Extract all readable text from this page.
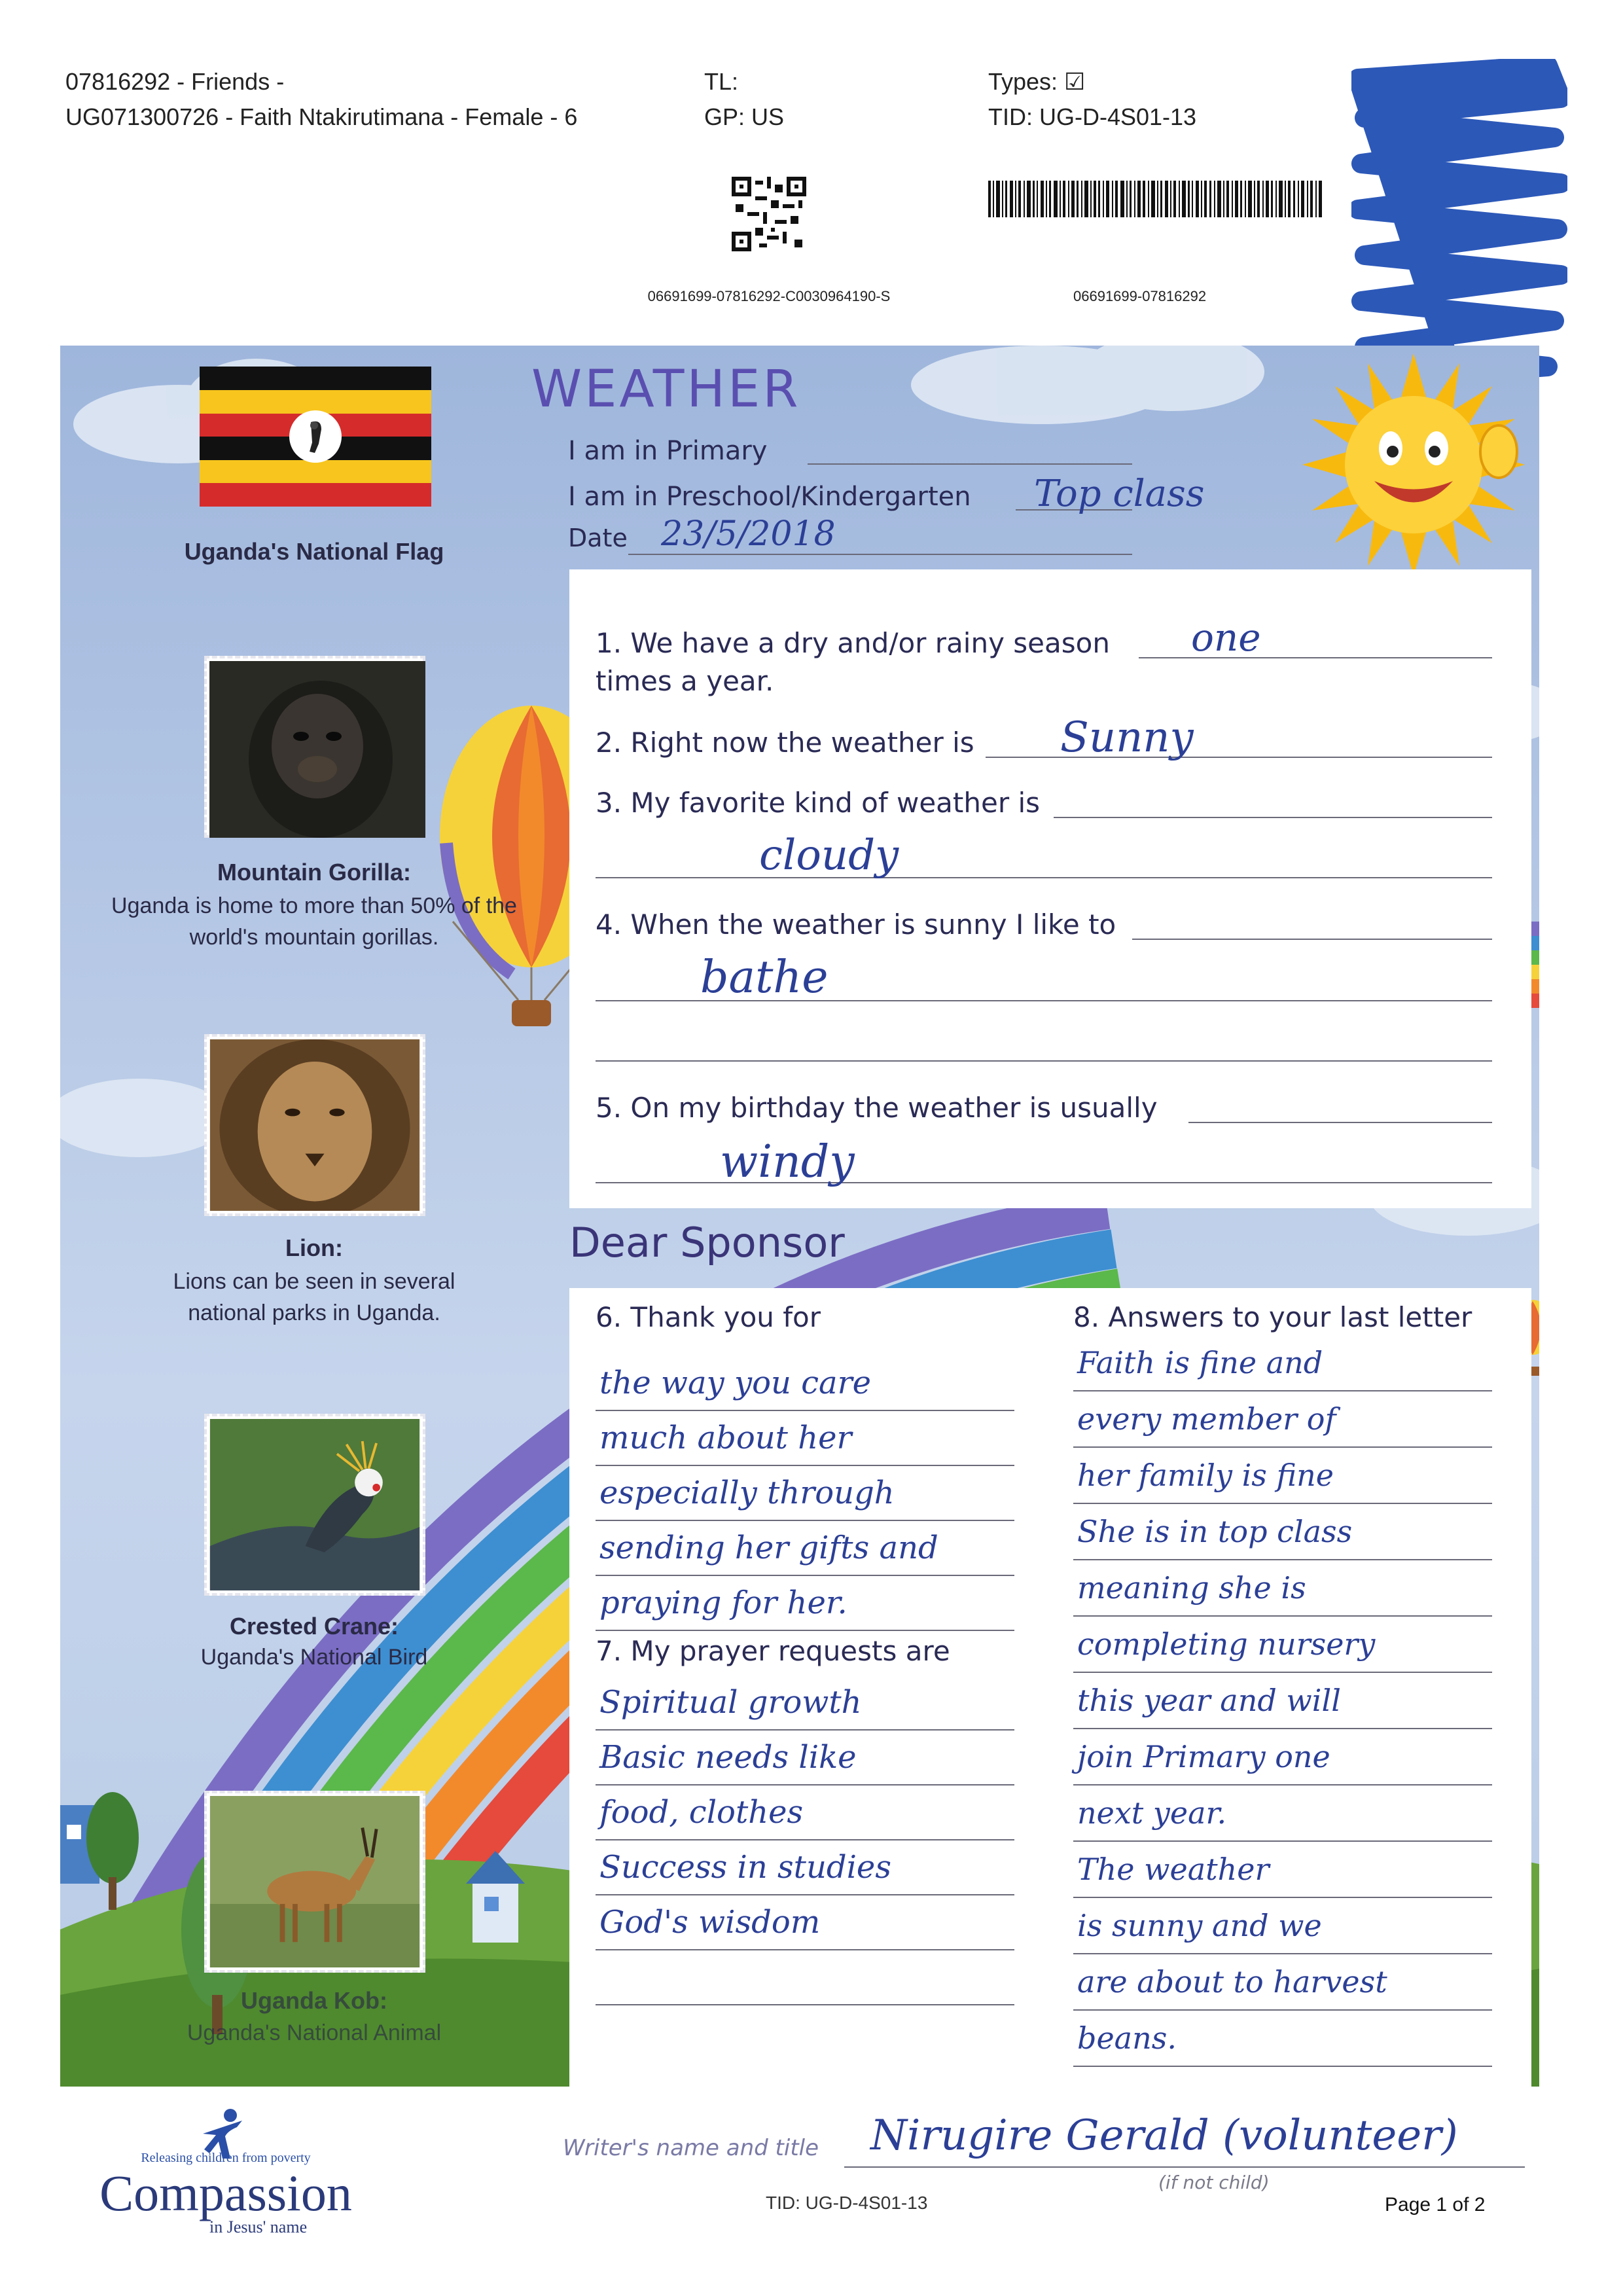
07816292 - Friends -
UG071300726 - Faith Ntakirutimana - Female - 6
TL:
GP: US
Types: ☑
TID: UG-D-4S01-13
06691699-07816292-C0030964190-S	06691699-07816292
Uganda's National Flag
Mountain Gorilla:
Uganda is home to more than 50% of the world's mountain gorillas.
Lion:
Lions can be seen in several national parks in Uganda.
Crested Crane:
Uganda's National Bird
Uganda Kob:
Uganda's National Animal
WEATHER
I am in Primary
I am in Preschool/Kindergarten Top class
Date 23/5/2018
1. We have a dry and/or rainy season one
times a year.
2. Right now the weather is Sunny
3. My favorite kind of weather is
cloudy
4. When the weather is sunny I like to
bathe
5. On my birthday the weather is usually
windy
Dear Sponsor
6. Thank you for
the way you care
much about her
especially through
sending her gifts and
praying for her.
7. My prayer requests are
Spiritual growth
Basic needs like
food, clothes
Success in studies
God's wisdom
8. Answers to your last letter
Faith is fine and
every member of
her family is fine
She is in top class
meaning she is
completing nursery
this year and will
join Primary one
next year.
The weather
is sunny and we
are about to harvest
beans.
Writer's name and title Nirugire Gerald (volunteer)
(if not child)
Releasing children from poverty
Compassion
in Jesus' name
TID: UG-D-4S01-13	Page 1 of 2
